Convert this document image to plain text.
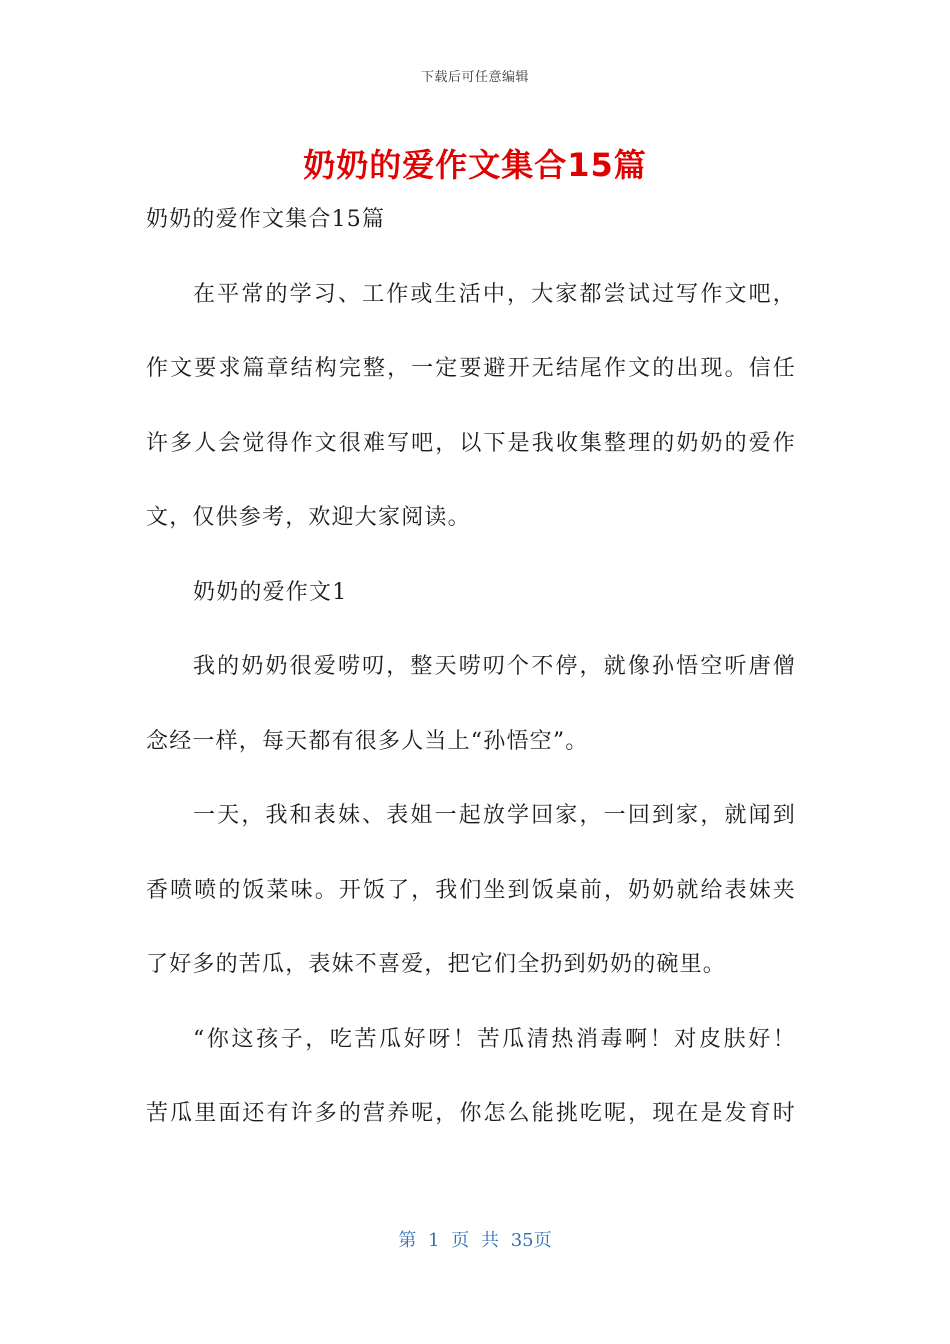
下载后可任意编辑
奶奶的爱作文集合15篇
奶奶的爱作文集合15篇
在平常的学习、工作或生活中，大家都尝试过写作文吧，
作文要求篇章结构完整，一定要避开无结尾作文的出现。信任
许多人会觉得作文很难写吧，以下是我收集整理的奶奶的爱作
文，仅供参考，欢迎大家阅读。
奶奶的爱作文1
我的奶奶很爱唠叨，整天唠叨个不停，就像孙悟空听唐僧
念经一样，每天都有很多人当上“孙悟空”。
一天，我和表妹、表姐一起放学回家，一回到家，就闻到
香喷喷的饭菜味。开饭了，我们坐到饭桌前，奶奶就给表妹夹
了好多的苦瓜，表妹不喜爱，把它们全扔到奶奶的碗里。
“你这孩子，吃苦瓜好呀！苦瓜清热消毒啊！对皮肤好！
苦瓜里面还有许多的营养呢，你怎么能挑吃呢，现在是发育时
第 1 页 共 35页
